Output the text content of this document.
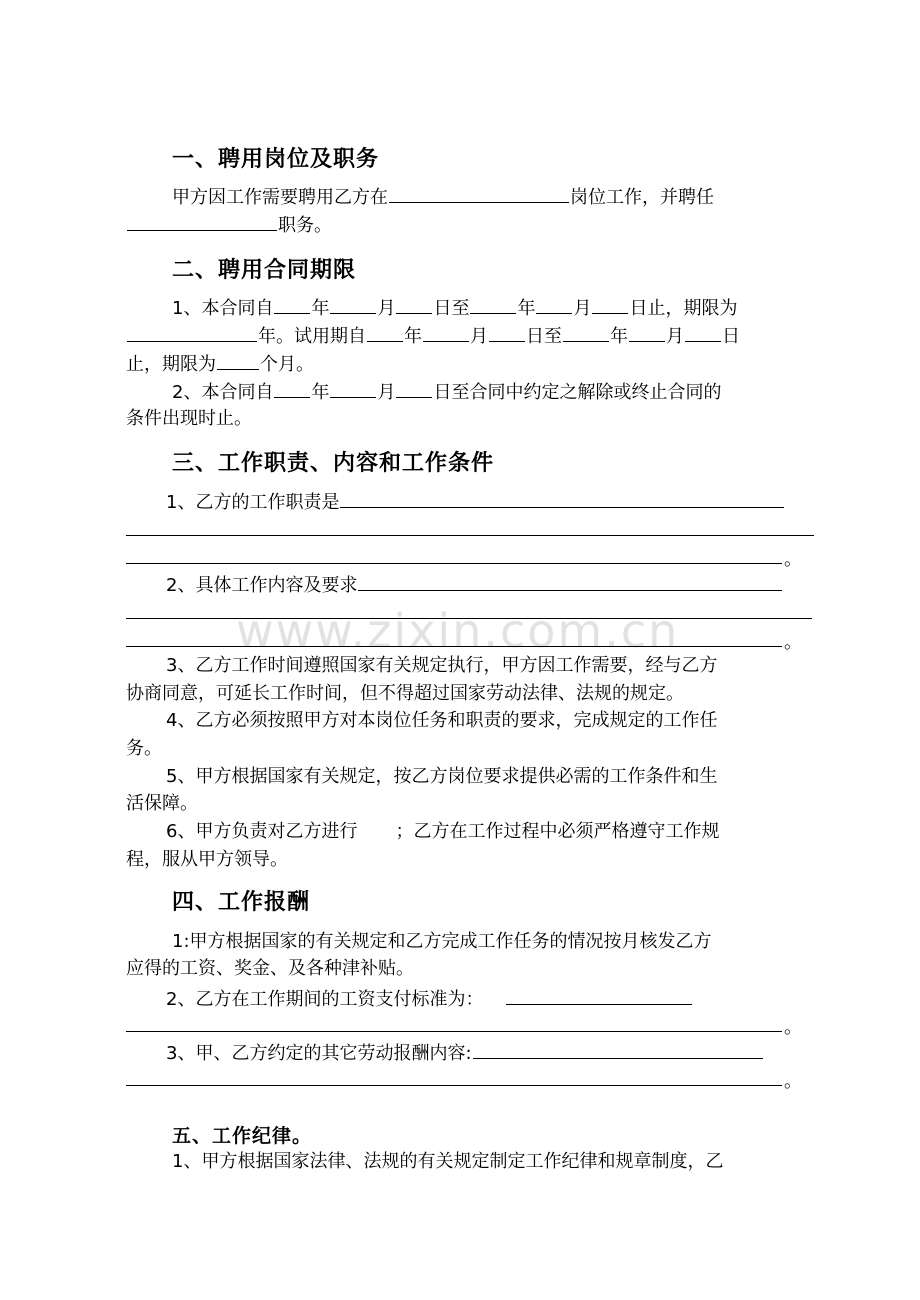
www.zixin.com.cn
一、聘用岗位及职务
甲方因工作需要聘用乙方在	岗位工作，并聘任
职务。
二、聘用合同期限
1、本合同自 年	月 日至	年 月 日止，期限为
年。试用期自 年	月 日至	年 月 日
止，期限为 个月。
2、本合同自 年	月 日至合同中约定之解除或终止合同的
条件出现时止。
三、工作职责、内容和工作条件
1、乙方的工作职责是
。
2、具体工作内容及要求
。
3、乙方工作时间遵照国家有关规定执行，甲方因工作需要，经与乙方
协商同意，可延长工作时间，但不得超过国家劳动法律、法规的规定。
4、乙方必须按照甲方对本岗位任务和职责的要求，完成规定的工作任
务。
5、甲方根据国家有关规定，按乙方岗位要求提供必需的工作条件和生
活保障。
6、甲方负责对乙方进行 ；乙方在工作过程中必须严格遵守工作规
程，服从甲方领导。
四、工作报酬
1:甲方根据国家的有关规定和乙方完成工作任务的情况按月核发乙方
应得的工资、奖金、及各种津补贴。
2、乙方在工作期间的工资支付标准为：
。
3、甲、乙方约定的其它劳动报酬内容:
。
五、工作纪律。
1、甲方根据国家法律、法规的有关规定制定工作纪律和规章制度，乙
